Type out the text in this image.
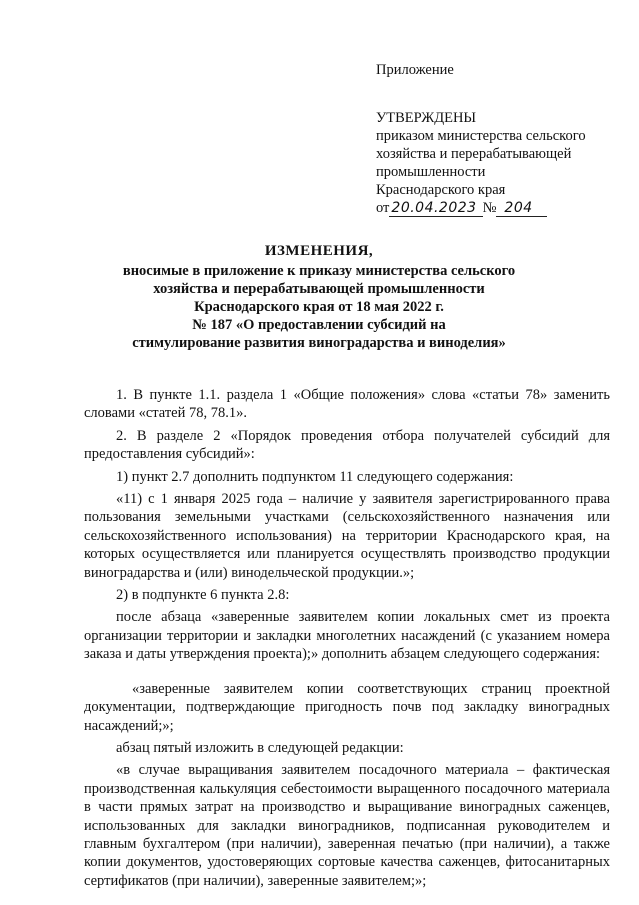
Приложение
УТВЕРЖДЕНЫ
приказом министерства сельского
хозяйства и перерабатывающей
промышленности
Краснодарского края
от 20.04.2023 № 204
ИЗМЕНЕНИЯ,
вносимые в приложение к приказу министерства сельского
хозяйства и перерабатывающей промышленности
Краснодарского края от 18 мая 2022 г.
№ 187 «О предоставлении субсидий на
стимулирование развития виноградарства и виноделия»

1. В пункте 1.1. раздела 1 «Общие положения» слова «статьи 78» заменить словами «статей 78, 78.1».

2. В разделе 2 «Порядок проведения отбора получателей субсидий для предоставления субсидий»:

1) пункт 2.7 дополнить подпунктом 11 следующего содержания:

«11) с 1 января 2025 года – наличие у заявителя зарегистрированного права пользования земельными участками (сельскохозяйственного назначения или сельскохозяйственного использования) на территории Краснодарского края, на которых осуществляется или планируется осуществлять производство продукции виноградарства и (или) винодельческой продукции.»;

2) в подпункте 6 пункта 2.8:

после абзаца «заверенные заявителем копии локальных смет из проекта организации территории и закладки многолетних насаждений (с указанием номера заказа и даты утверждения проекта);» дополнить абзацем следующего содержания:

«заверенные заявителем копии соответствующих страниц проектной документации, подтверждающие пригодность почв под закладку виноградных насаждений;»;

абзац пятый изложить в следующей редакции:

«в случае выращивания заявителем посадочного материала – фактическая производственная калькуляция себестоимости выращенного посадочного материала в части прямых затрат на производство и выращивание виноградных саженцев, использованных для закладки виноградников, подписанная руководителем и главным бухгалтером (при наличии), заверенная печатью (при наличии), а также копии документов, удостоверяющих сортовые качества саженцев, фитосанитарных сертификатов (при наличии), заверенные заявителем;»;
